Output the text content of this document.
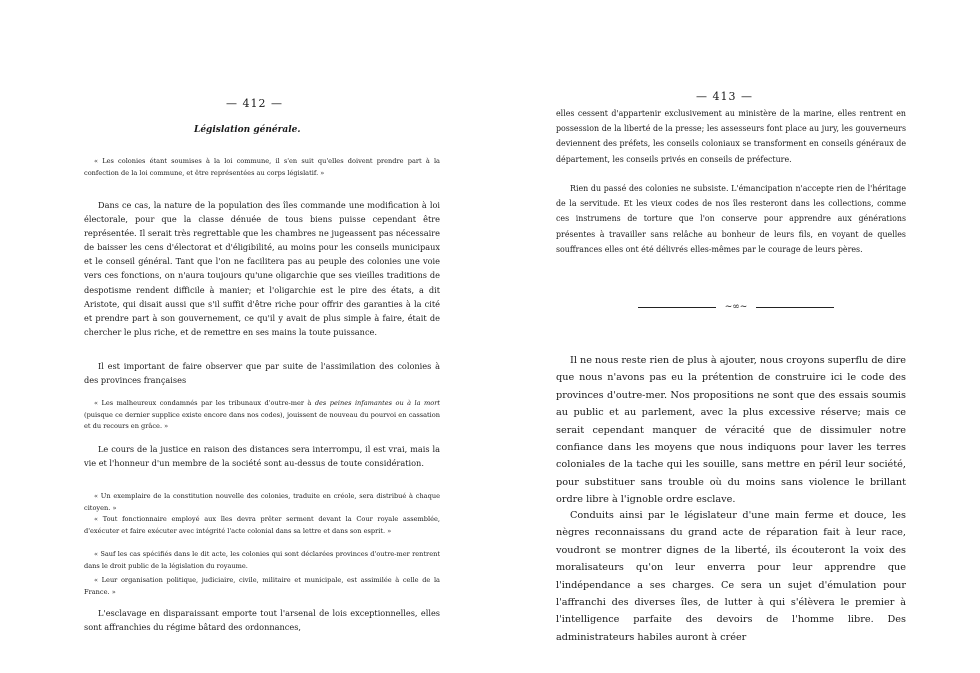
— 412 —
Législation générale.

« Les colonies étant soumises à la loi commune, il s'en suit qu'elles doivent prendre part à la confection de la loi commune, et être représentées au corps législatif. »

Dans ce cas, la nature de la population des îles commande une modification à loi électorale, pour que la classe dénuée de tous biens puisse cependant être représentée. Il serait très regrettable que les chambres ne jugeassent pas nécessaire de baisser les cens d'électorat et d'éligibilité, au moins pour les conseils municipaux et le conseil général. Tant que l'on ne facilitera pas au peuple des colonies une voie vers ces fonctions, on n'aura toujours qu'une oligarchie que ses vieilles traditions de despotisme rendent difficile à manier; et l'oligarchie est le pire des états, a dit Aristote, qui disait aussi que s'il suffit d'être riche pour offrir des garanties à la cité et prendre part à son gouvernement, ce qu'il y avait de plus simple à faire, était de chercher le plus riche, et de remettre en ses mains la toute puissance.

Il est important de faire observer que par suite de l'assimilation des colonies à des provinces françaises

« Les malheureux condamnés par les tribunaux d'outre-mer à des peines infamantes ou à la mort (puisque ce dernier supplice existe encore dans nos codes), jouissent de nouveau du pourvoi en cassation et du recours en grâce. »

Le cours de la justice en raison des distances sera interrompu, il est vrai, mais la vie et l'honneur d'un membre de la société sont au-dessus de toute considération.

« Un exemplaire de la constitution nouvelle des colonies, traduite en créole, sera distribué à chaque citoyen. »

« Tout fonctionnaire employé aux îles devra prêter serment devant la Cour royale assemblée, d'exécuter et faire exécuter avec intégrité l'acte colonial dans sa lettre et dans son esprit. »

« Sauf les cas spécifiés dans le dit acte, les colonies qui sont déclarées provinces d'outre-mer rentrent dans le droit public de la législation du royaume.

« Leur organisation politique, judiciaire, civile, militaire et municipale, est assimilée à celle de la France. »

L'esclavage en disparaissant emporte tout l'arsenal de lois exceptionnelles, elles sont affranchies du régime bâtard des ordonnances,

— 413 —

elles cessent d'appartenir exclusivement au ministère de la marine, elles rentrent en possession de la liberté de la presse; les assesseurs font place au jury, les gouverneurs deviennent des préfets, les conseils coloniaux se transforment en conseils généraux de département, les conseils privés en conseils de préfecture.

Rien du passé des colonies ne subsiste. L'émancipation n'accepte rien de l'héritage de la servitude. Et les vieux codes de nos îles resteront dans les collections, comme ces instrumens de torture que l'on conserve pour apprendre aux générations présentes à travailler sans relâche au bonheur de leurs fils, en voyant de quelles souffrances elles ont été délivrés elles-mêmes par le courage de leurs pères.

~∞~

Il ne nous reste rien de plus à ajouter, nous croyons superflu de dire que nous n'avons pas eu la prétention de construire ici le code des provinces d'outre-mer. Nos propositions ne sont que des essais soumis au public et au parlement, avec la plus excessive réserve; mais ce serait cependant manquer de véracité que de dissimuler notre confiance dans les moyens que nous indiquons pour laver les terres coloniales de la tache qui les souille, sans mettre en péril leur société, pour substituer sans trouble où du moins sans violence le brillant ordre libre à l'ignoble ordre esclave.

Conduits ainsi par le législateur d'une main ferme et douce, les nègres reconnaissans du grand acte de réparation fait à leur race, voudront se montrer dignes de la liberté, ils écouteront la voix des moralisateurs qu'on leur enverra pour leur apprendre que l'indépendance a ses charges. Ce sera un sujet d'émulation pour l'affranchi des diverses îles, de lutter à qui s'élèvera le premier à l'intelligence parfaite des devoirs de l'homme libre. Des administrateurs habiles auront à créer
